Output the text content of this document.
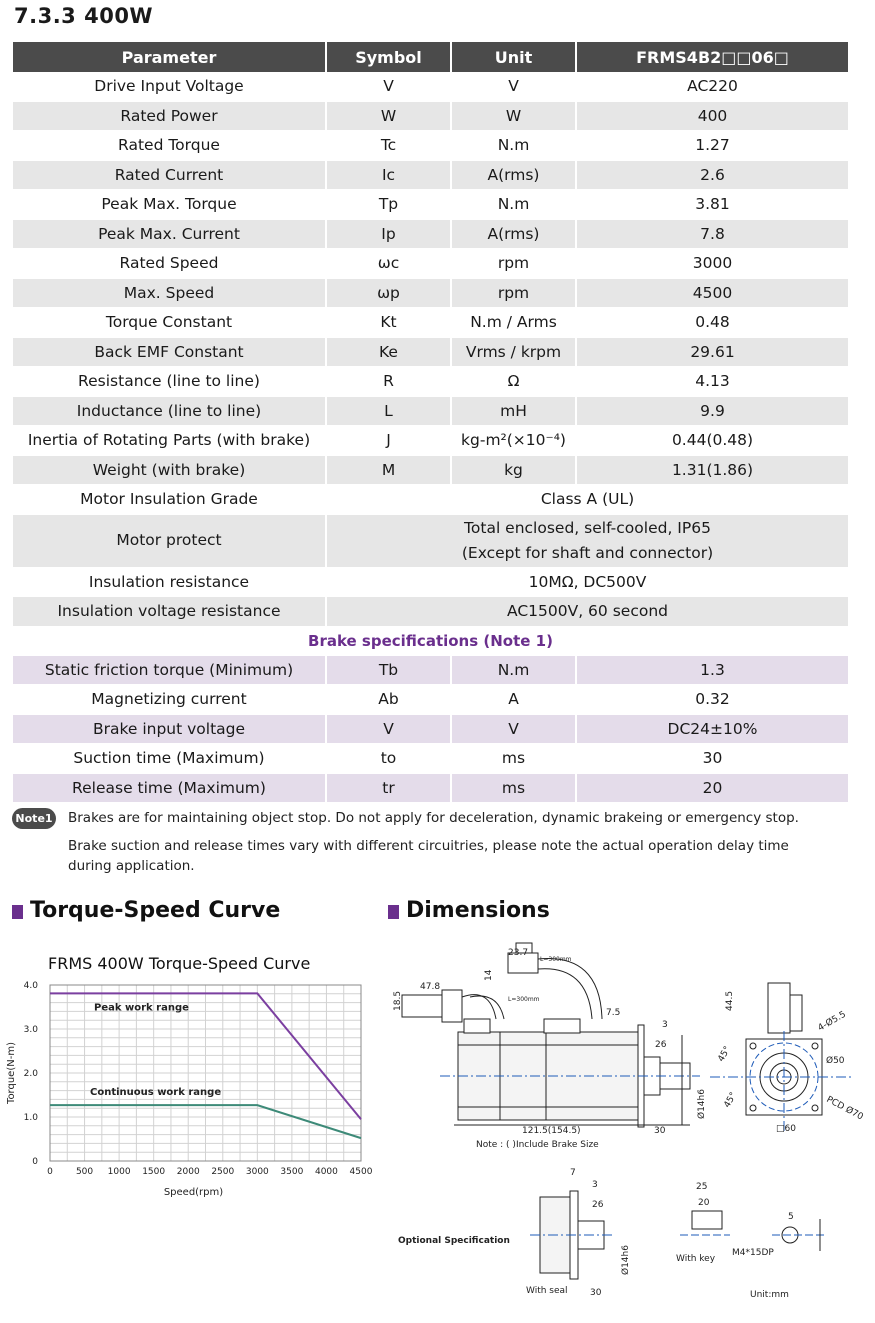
7.3.3 400W
Parameter	Symbol	Unit	FRMS4B2□□06□
Drive Input Voltage	V	V	AC220
Rated Power	W	W	400
Rated Torque	Tc	N.m	1.27
Rated Current	Ic	A(rms)	2.6
Peak Max. Torque	Tp	N.m	3.81
Peak Max. Current	Ip	A(rms)	7.8
Rated Speed	ωc	rpm	3000
Max. Speed	ωp	rpm	4500
Torque Constant	Kt	N.m / Arms	0.48
Back EMF Constant	Ke	Vrms / krpm	29.61
Resistance (line to line)	R	Ω	4.13
Inductance (line to line)	L	mH	9.9
Inertia of Rotating Parts (with brake)	J	kg-m²(×10⁻⁴)	0.44(0.48)
Weight (with brake)	M	kg	1.31(1.86)
Motor Insulation Grade	Class A (UL)		
Motor protect	Total enclosed, self-cooled, IP65
(Except for shaft and connector)		
Insulation resistance	10MΩ, DC500V		
Insulation voltage resistance	AC1500V, 60 second		
Brake specifications (Note 1)			
Static friction torque (Minimum)	Tb	N.m	1.3
Magnetizing current	Ab	A	0.32
Brake input voltage	V	V	DC24±10%
Suction time (Maximum)	to	ms	30
Release time (Maximum)	tr	ms	20
Note1 Brakes are for maintaining object stop. Do not apply for deceleration, dynamic brakeing or emergency stop.
Brake suction and release times vary with different circuitries, please note the actual operation delay time
during application.
Torque-Speed Curve	Dimensions
FRMS 400W Torque-Speed Curve
0	500 1000 1500 2000 2500 3000 3500 4000 4500
0
1.0
2.0
3.0
4.0
Peak work range
Continuous work range
Speed(rpm)
Torque(N-m)
23.7
14
47.8
18.5
L=300mm
L=300mm
7.5
3
26
121.5(154.5)	30
Ø14h6
Note : ( )Include Brake Size
44.5
4-Ø5.5
Ø50
PCD Ø70
45°
45°
□60
Optional Specification
7
3
26
Ø14h6
30
With seal
25
20
With key
5
M4*15DP
Unit:mm
